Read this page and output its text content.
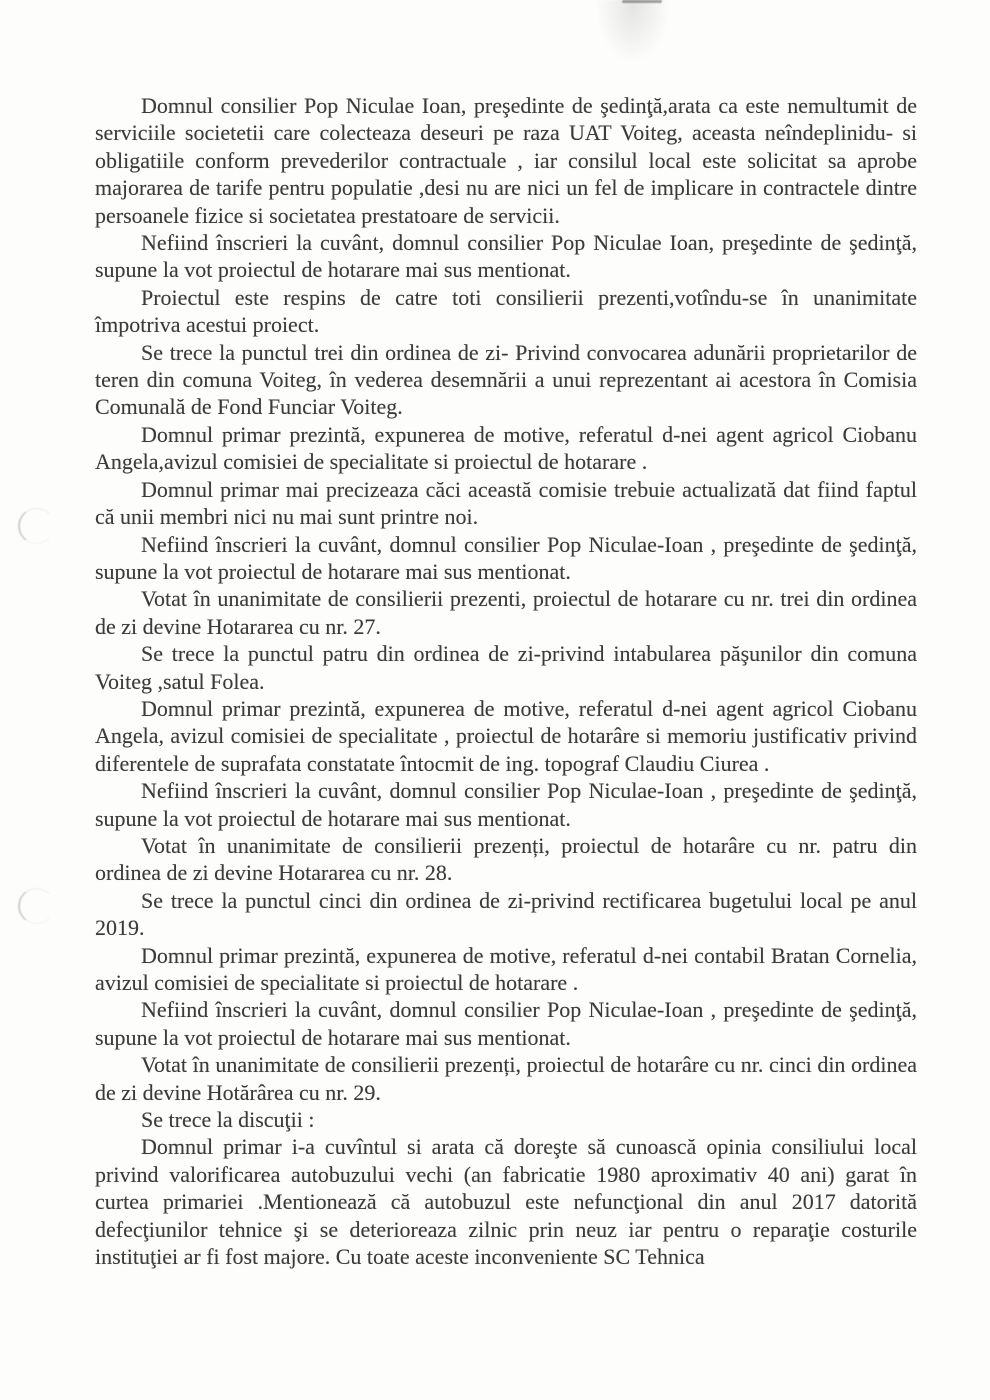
Domnul consilier Pop Niculae Ioan, preşedinte de şedinţă,arata ca este nemultumit de serviciile societetii care colecteaza deseuri pe raza UAT Voiteg, aceasta neîndeplinidu- si obligatiile conform prevederilor contractuale , iar consilul local este solicitat sa aprobe majorarea de tarife pentru populatie ,desi nu are nici un fel de implicare in contractele dintre persoanele fizice si societatea prestatoare de servicii.

Nefiind înscrieri la cuvânt, domnul consilier Pop Niculae Ioan, preşedinte de şedinţă, supune la vot proiectul de hotarare mai sus mentionat.

Proiectul este respins de catre toti consilierii prezenti,votîndu-se în unanimitate împotriva acestui proiect.

Se trece la punctul trei din ordinea de zi- Privind convocarea adunării proprietarilor de teren din comuna Voiteg, în vederea desemnării a unui reprezentant ai acestora în Comisia Comunală de Fond Funciar Voiteg.

Domnul primar prezintă, expunerea de motive, referatul d-nei agent agricol Ciobanu Angela,avizul comisiei de specialitate si proiectul de hotarare .

Domnul primar mai precizeaza căci această comisie trebuie actualizată dat fiind faptul că unii membri nici nu mai sunt printre noi.

Nefiind înscrieri la cuvânt, domnul consilier Pop Niculae-Ioan , preşedinte de şedinţă, supune la vot proiectul de hotarare mai sus mentionat.

Votat în unanimitate de consilierii prezenti, proiectul de hotarare cu nr. trei din ordinea de zi devine Hotararea cu nr. 27.

Se trece la punctul patru din ordinea de zi-privind intabularea păşunilor din comuna Voiteg ,satul Folea.

Domnul primar prezintă, expunerea de motive, referatul d-nei agent agricol Ciobanu Angela, avizul comisiei de specialitate , proiectul de hotarâre si memoriu justificativ privind diferentele de suprafata constatate întocmit de ing. topograf Claudiu Ciurea .

Nefiind înscrieri la cuvânt, domnul consilier Pop Niculae-Ioan , preşedinte de şedinţă, supune la vot proiectul de hotarare mai sus mentionat.

Votat în unanimitate de consilierii prezenți, proiectul de hotarâre cu nr. patru din ordinea de zi devine Hotararea cu nr. 28.

Se trece la punctul cinci din ordinea de zi-privind rectificarea bugetului local pe anul 2019.

Domnul primar prezintă, expunerea de motive, referatul d-nei contabil Bratan Cornelia, avizul comisiei de specialitate si proiectul de hotarare .

Nefiind înscrieri la cuvânt, domnul consilier Pop Niculae-Ioan , preşedinte de şedinţă, supune la vot proiectul de hotarare mai sus mentionat.

Votat în unanimitate de consilierii prezenți, proiectul de hotarâre cu nr. cinci din ordinea de zi devine Hotărârea cu nr. 29.

Se trece la discuţii :

Domnul primar i-a cuvîntul si arata că doreşte să cunoască opinia consiliului local privind valorificarea autobuzului vechi (an fabricatie 1980 aproximativ 40 ani) garat în curtea primariei .Mentionează că autobuzul este nefuncţional din anul 2017 datorită defecţiunilor tehnice şi se deterioreaza zilnic prin neuz iar pentru o reparaţie costurile instituţiei ar fi fost majore. Cu toate aceste inconveniente SC Tehnica
